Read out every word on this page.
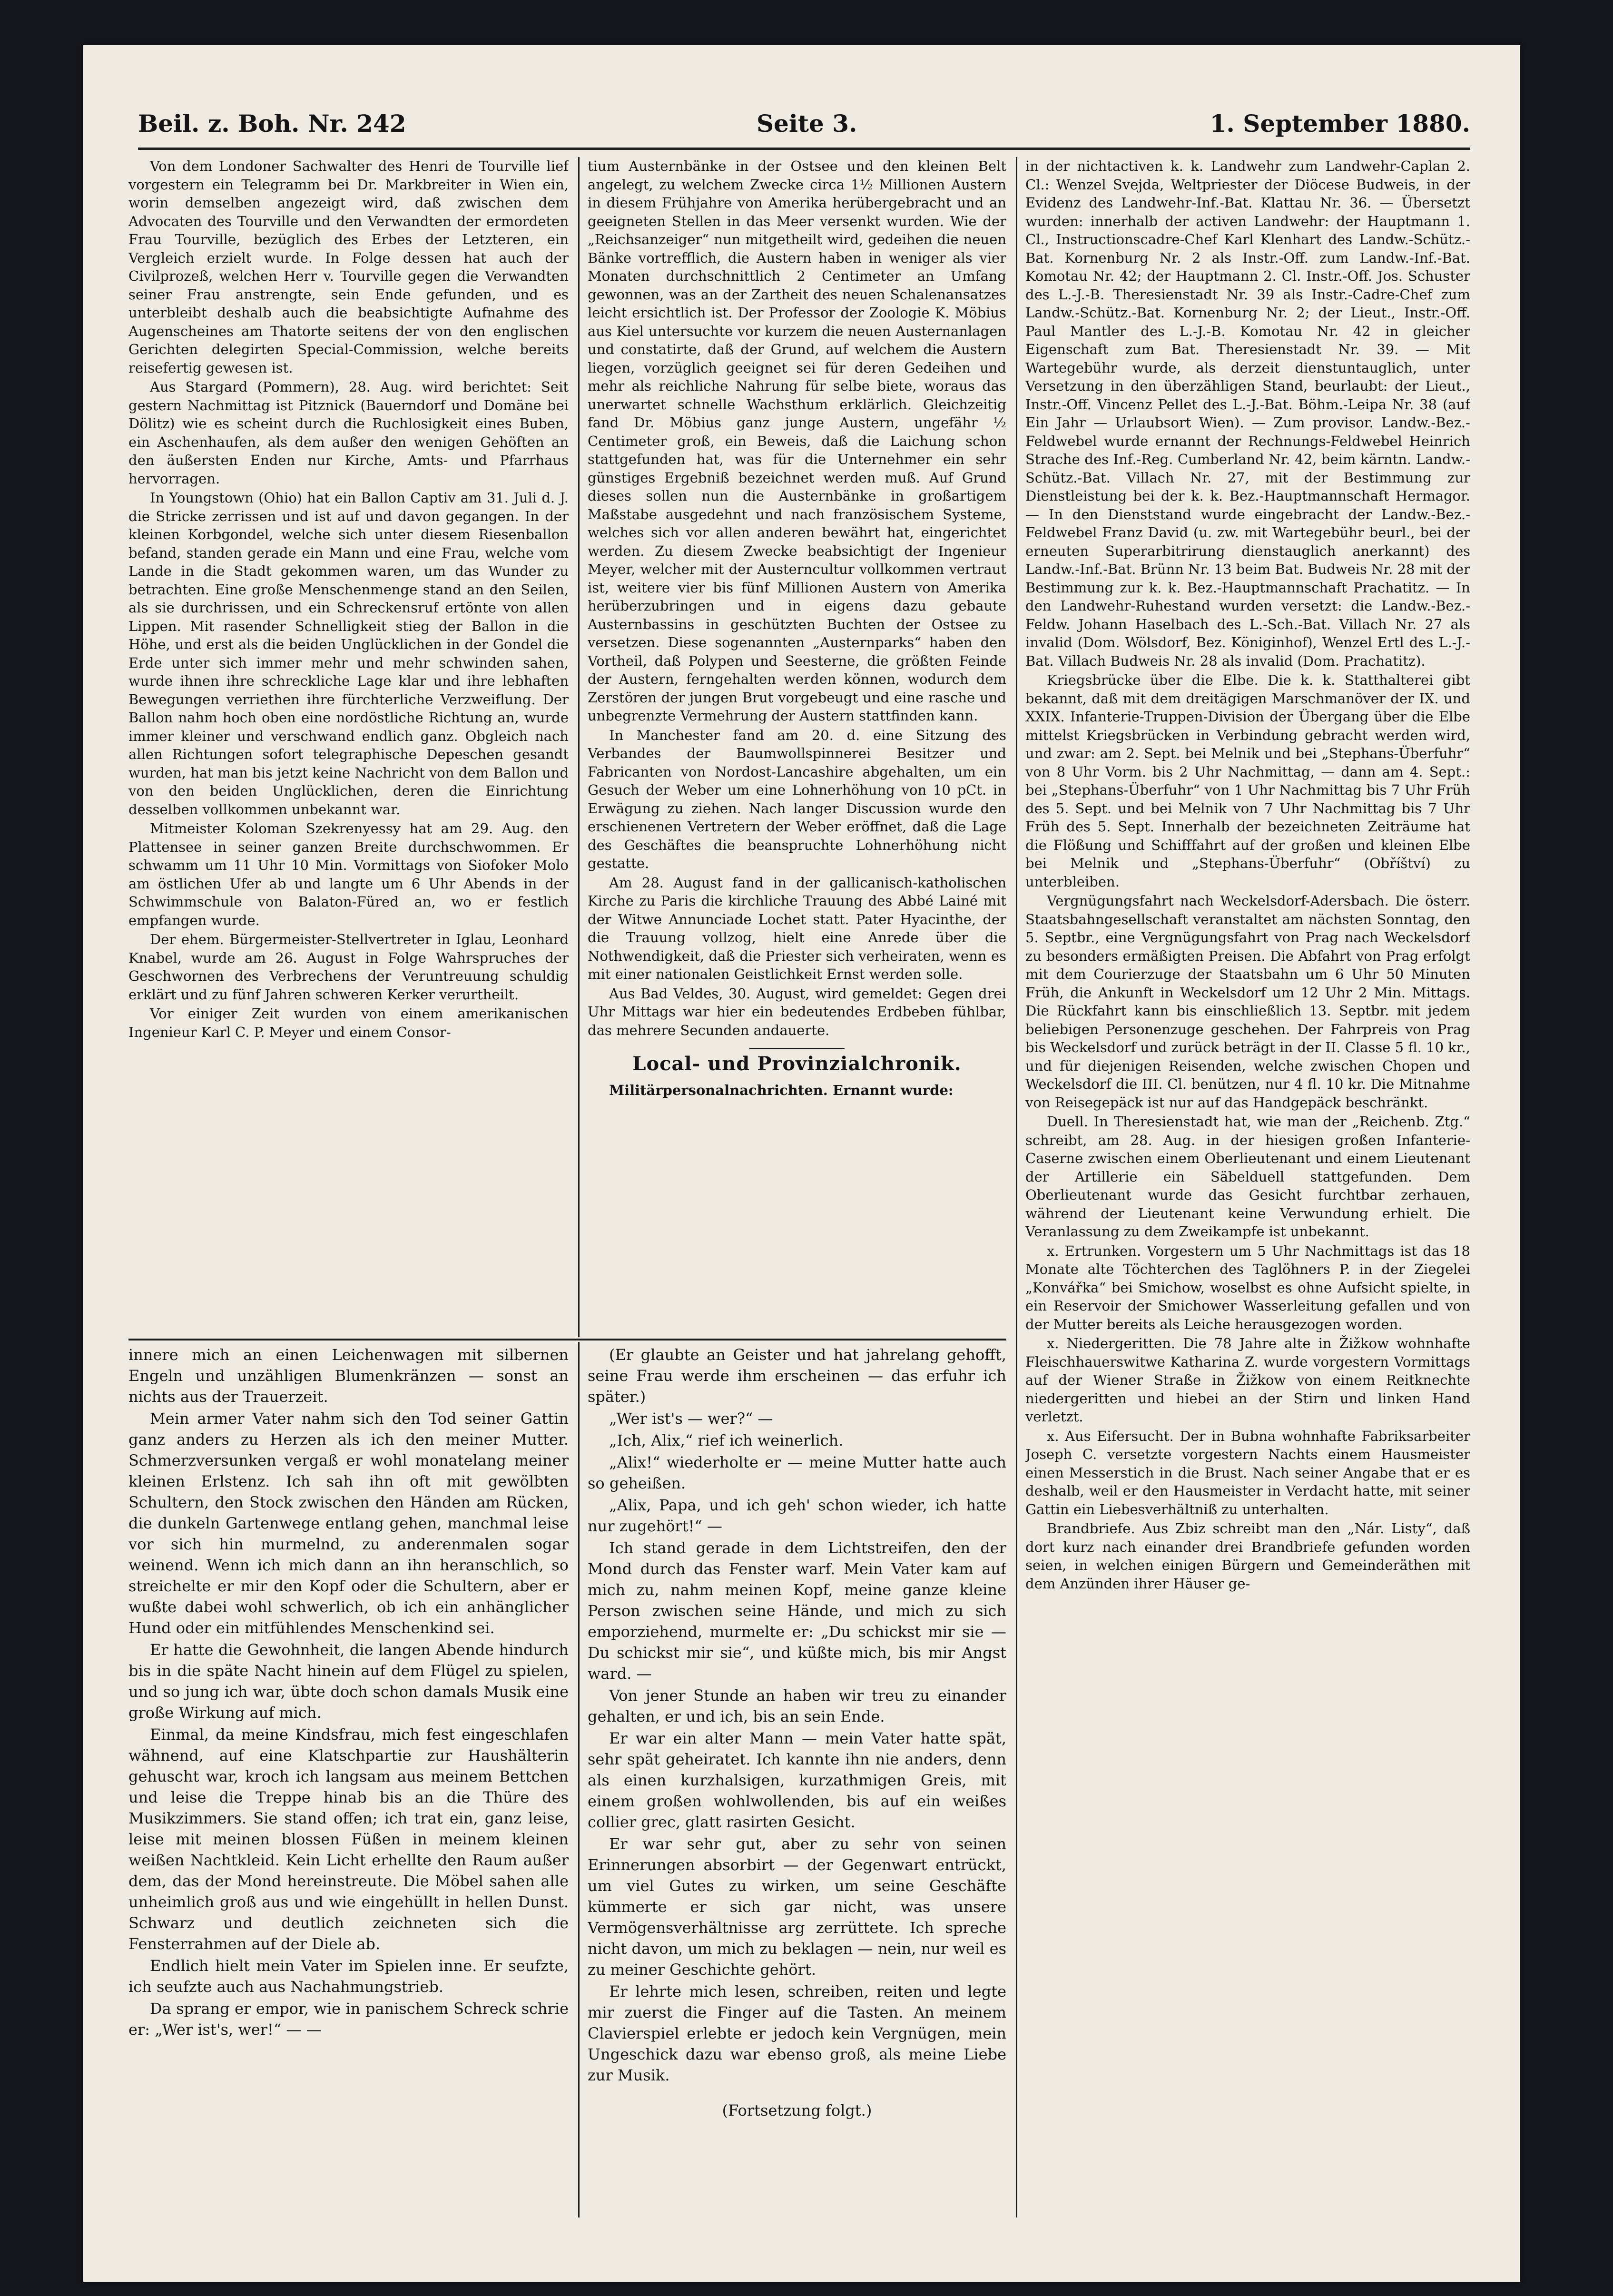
Beil. z. Boh. Nr. 242	Seite 3.	1. September 1880.

Von dem Londoner Sachwalter des Henri de Tourville lief vorgestern ein Telegramm bei Dr. Markbreiter in Wien ein, worin demselben angezeigt wird, daß zwischen dem Advocaten des Tourville und den Verwandten der ermordeten Frau Tourville, bezüglich des Erbes der Letzteren, ein Vergleich erzielt wurde. In Folge dessen hat auch der Civilprozeß, welchen Herr v. Tourville gegen die Verwandten seiner Frau anstrengte, sein Ende gefunden, und es unterbleibt deshalb auch die beabsichtigte Aufnahme des Augenscheines am Thatorte seitens der von den englischen Gerichten delegirten Special-Commission, welche bereits reisefertig gewesen ist.

Aus Stargard (Pommern), 28. Aug. wird berichtet: Seit gestern Nachmittag ist Pitznick (Bauerndorf und Domäne bei Dölitz) wie es scheint durch die Ruchlosigkeit eines Buben, ein Aschenhaufen, als dem außer den wenigen Gehöften an den äußersten Enden nur Kirche, Amts- und Pfarrhaus hervorragen.

In Youngstown (Ohio) hat ein Ballon Captiv am 31. Juli d. J. die Stricke zerrissen und ist auf und davon gegangen. In der kleinen Korbgondel, welche sich unter diesem Riesenballon befand, standen gerade ein Mann und eine Frau, welche vom Lande in die Stadt gekommen waren, um das Wunder zu betrachten. Eine große Menschenmenge stand an den Seilen, als sie durchrissen, und ein Schreckensruf ertönte von allen Lippen. Mit rasender Schnelligkeit stieg der Ballon in die Höhe, und erst als die beiden Unglücklichen in der Gondel die Erde unter sich immer mehr und mehr schwinden sahen, wurde ihnen ihre schreckliche Lage klar und ihre lebhaften Bewegungen verriethen ihre fürchterliche Verzweiflung. Der Ballon nahm hoch oben eine nordöstliche Richtung an, wurde immer kleiner und verschwand endlich ganz. Obgleich nach allen Richtungen sofort telegraphische Depeschen gesandt wurden, hat man bis jetzt keine Nachricht von dem Ballon und von den beiden Unglücklichen, deren die Einrichtung desselben vollkommen unbekannt war.

Mitmeister Koloman Szekrenyessy hat am 29. Aug. den Plattensee in seiner ganzen Breite durchschwommen. Er schwamm um 11 Uhr 10 Min. Vormittags von Siofoker Molo am östlichen Ufer ab und langte um 6 Uhr Abends in der Schwimmschule von Balaton-Füred an, wo er festlich empfangen wurde.

Der ehem. Bürgermeister-Stellvertreter in Iglau, Leonhard Knabel, wurde am 26. August in Folge Wahrspruches der Geschwornen des Verbrechens der Veruntreuung schuldig erklärt und zu fünf Jahren schweren Kerker verurtheilt.

Vor einiger Zeit wurden von einem amerikanischen Ingenieur Karl C. P. Meyer und einem Consor-

tium Austernbänke in der Ostsee und den kleinen Belt angelegt, zu welchem Zwecke circa 1½ Millionen Austern in diesem Frühjahre von Amerika herübergebracht und an geeigneten Stellen in das Meer versenkt wurden. Wie der „Reichsanzeiger“ nun mitgetheilt wird, gedeihen die neuen Bänke vortrefflich, die Austern haben in weniger als vier Monaten durchschnittlich 2 Centimeter an Umfang gewonnen, was an der Zartheit des neuen Schalenansatzes leicht ersichtlich ist. Der Professor der Zoologie K. Möbius aus Kiel untersuchte vor kurzem die neuen Austernanlagen und constatirte, daß der Grund, auf welchem die Austern liegen, vorzüglich geeignet sei für deren Gedeihen und mehr als reichliche Nahrung für selbe biete, woraus das unerwartet schnelle Wachsthum erklärlich. Gleichzeitig fand Dr. Möbius ganz junge Austern, ungefähr ½ Centimeter groß, ein Beweis, daß die Laichung schon stattgefunden hat, was für die Unternehmer ein sehr günstiges Ergebniß bezeichnet werden muß. Auf Grund dieses sollen nun die Austernbänke in großartigem Maßstabe ausgedehnt und nach französischem Systeme, welches sich vor allen anderen bewährt hat, eingerichtet werden. Zu diesem Zwecke beabsichtigt der Ingenieur Meyer, welcher mit der Austerncultur vollkommen vertraut ist, weitere vier bis fünf Millionen Austern von Amerika herüberzubringen und in eigens dazu gebaute Austernbassins in geschützten Buchten der Ostsee zu versetzen. Diese sogenannten „Austernparks“ haben den Vortheil, daß Polypen und Seesterne, die größten Feinde der Austern, ferngehalten werden können, wodurch dem Zerstören der jungen Brut vorgebeugt und eine rasche und unbegrenzte Vermehrung der Austern stattfinden kann.

In Manchester fand am 20. d. eine Sitzung des Verbandes der Baumwollspinnerei Besitzer und Fabricanten von Nordost-Lancashire abgehalten, um ein Gesuch der Weber um eine Lohnerhöhung von 10 pCt. in Erwägung zu ziehen. Nach langer Discussion wurde den erschienenen Vertretern der Weber eröffnet, daß die Lage des Geschäftes die beanspruchte Lohnerhöhung nicht gestatte.

Am 28. August fand in der gallicanisch-katholischen Kirche zu Paris die kirchliche Trauung des Abbé Lainé mit der Witwe Annunciade Lochet statt. Pater Hyacinthe, der die Trauung vollzog, hielt eine Anrede über die Nothwendigkeit, daß die Priester sich verheiraten, wenn es mit einer nationalen Geistlichkeit Ernst werden solle.

Aus Bad Veldes, 30. August, wird gemeldet: Gegen drei Uhr Mittags war hier ein bedeutendes Erdbeben fühlbar, das mehrere Secunden andauerte.

Local- und Provinzialchronik.

Militärpersonalnachrichten. Ernannt wurde:

innere mich an einen Leichenwagen mit silbernen Engeln und unzähligen Blumenkränzen — sonst an nichts aus der Trauerzeit.

Mein armer Vater nahm sich den Tod seiner Gattin ganz anders zu Herzen als ich den meiner Mutter. Schmerzversunken vergaß er wohl monatelang meiner kleinen Erlstenz. Ich sah ihn oft mit gewölbten Schultern, den Stock zwischen den Händen am Rücken, die dunkeln Gartenwege entlang gehen, manchmal leise vor sich hin murmelnd, zu anderenmalen sogar weinend. Wenn ich mich dann an ihn heranschlich, so streichelte er mir den Kopf oder die Schultern, aber er wußte dabei wohl schwerlich, ob ich ein anhänglicher Hund oder ein mitfühlendes Menschenkind sei.

Er hatte die Gewohnheit, die langen Abende hindurch bis in die späte Nacht hinein auf dem Flügel zu spielen, und so jung ich war, übte doch schon damals Musik eine große Wirkung auf mich.

Einmal, da meine Kindsfrau, mich fest eingeschlafen wähnend, auf eine Klatschpartie zur Haushälterin gehuscht war, kroch ich langsam aus meinem Bettchen und leise die Treppe hinab bis an die Thüre des Musikzimmers. Sie stand offen; ich trat ein, ganz leise, leise mit meinen blossen Füßen in meinem kleinen weißen Nachtkleid. Kein Licht erhellte den Raum außer dem, das der Mond hereinstreute. Die Möbel sahen alle unheimlich groß aus und wie eingehüllt in hellen Dunst. Schwarz und deutlich zeichneten sich die Fensterrahmen auf der Diele ab.

Endlich hielt mein Vater im Spielen inne. Er seufzte, ich seufzte auch aus Nachahmungstrieb.

Da sprang er empor, wie in panischem Schreck schrie er: „Wer ist's, wer!“ — —

(Er glaubte an Geister und hat jahrelang gehofft, seine Frau werde ihm erscheinen — das erfuhr ich später.)

„Wer ist's — wer?“ —

„Ich, Alix,“ rief ich weinerlich.

„Alix!“ wiederholte er — meine Mutter hatte auch so geheißen.

„Alix, Papa, und ich geh' schon wieder, ich hatte nur zugehört!“ —

Ich stand gerade in dem Lichtstreifen, den der Mond durch das Fenster warf. Mein Vater kam auf mich zu, nahm meinen Kopf, meine ganze kleine Person zwischen seine Hände, und mich zu sich emporziehend, murmelte er: „Du schickst mir sie — Du schickst mir sie“, und küßte mich, bis mir Angst ward. —

Von jener Stunde an haben wir treu zu einander gehalten, er und ich, bis an sein Ende.

Er war ein alter Mann — mein Vater hatte spät, sehr spät geheiratet. Ich kannte ihn nie anders, denn als einen kurzhalsigen, kurzathmigen Greis, mit einem großen wohlwollenden, bis auf ein weißes collier grec, glatt rasirten Gesicht.

Er war sehr gut, aber zu sehr von seinen Erinnerungen absorbirt — der Gegenwart entrückt, um viel Gutes zu wirken, um seine Geschäfte kümmerte er sich gar nicht, was unsere Vermögensverhältnisse arg zerrüttete. Ich spreche nicht davon, um mich zu beklagen — nein, nur weil es zu meiner Geschichte gehört.

Er lehrte mich lesen, schreiben, reiten und legte mir zuerst die Finger auf die Tasten. An meinem Clavierspiel erlebte er jedoch kein Vergnügen, mein Ungeschick dazu war ebenso groß, als meine Liebe zur Musik.

(Fortsetzung folgt.)

in der nichtactiven k. k. Landwehr zum Landwehr-Caplan 2. Cl.: Wenzel Svejda, Weltpriester der Diöcese Budweis, in der Evidenz des Landwehr-Inf.-Bat. Klattau Nr. 36. — Übersetzt wurden: innerhalb der activen Landwehr: der Hauptmann 1. Cl., Instructionscadre-Chef Karl Klenhart des Landw.-Schütz.-Bat. Kornenburg Nr. 2 als Instr.-Off. zum Landw.-Inf.-Bat. Komotau Nr. 42; der Hauptmann 2. Cl. Instr.-Off. Jos. Schuster des L.-J.-B. Theresienstadt Nr. 39 als Instr.-Cadre-Chef zum Landw.-Schütz.-Bat. Kornenburg Nr. 2; der Lieut., Instr.-Off. Paul Mantler des L.-J.-B. Komotau Nr. 42 in gleicher Eigenschaft zum Bat. Theresienstadt Nr. 39. — Mit Wartegebühr wurde, als derzeit dienstuntauglich, unter Versetzung in den überzähligen Stand, beurlaubt: der Lieut., Instr.-Off. Vincenz Pellet des L.-J.-Bat. Böhm.-Leipa Nr. 38 (auf Ein Jahr — Urlaubsort Wien). — Zum provisor. Landw.-Bez.-Feldwebel wurde ernannt der Rechnungs-Feldwebel Heinrich Strache des Inf.-Reg. Cumberland Nr. 42, beim kärntn. Landw.-Schütz.-Bat. Villach Nr. 27, mit der Bestimmung zur Dienstleistung bei der k. k. Bez.-Hauptmannschaft Hermagor. — In den Dienststand wurde eingebracht der Landw.-Bez.-Feldwebel Franz David (u. zw. mit Wartegebühr beurl., bei der erneuten Superarbitrirung dienstauglich anerkannt) des Landw.-Inf.-Bat. Brünn Nr. 13 beim Bat. Budweis Nr. 28 mit der Bestimmung zur k. k. Bez.-Hauptmannschaft Prachatitz. — In den Landwehr-Ruhestand wurden versetzt: die Landw.-Bez.-Feldw. Johann Haselbach des L.-Sch.-Bat. Villach Nr. 27 als invalid (Dom. Wölsdorf, Bez. Königinhof), Wenzel Ertl des L.-J.-Bat. Villach Budweis Nr. 28 als invalid (Dom. Prachatitz).

Kriegsbrücke über die Elbe. Die k. k. Statthalterei gibt bekannt, daß mit dem dreitägigen Marschmanöver der IX. und XXIX. Infanterie-Truppen-Division der Übergang über die Elbe mittelst Kriegsbrücken in Verbindung gebracht werden wird, und zwar: am 2. Sept. bei Melnik und bei „Stephans-Überfuhr“ von 8 Uhr Vorm. bis 2 Uhr Nachmittag, — dann am 4. Sept.: bei „Stephans-Überfuhr“ von 1 Uhr Nachmittag bis 7 Uhr Früh des 5. Sept. und bei Melnik von 7 Uhr Nachmittag bis 7 Uhr Früh des 5. Sept. Innerhalb der bezeichneten Zeiträume hat die Flößung und Schifffahrt auf der großen und kleinen Elbe bei Melnik und „Stephans-Überfuhr“ (Obříštví) zu unterbleiben.

Vergnügungsfahrt nach Weckelsdorf-Adersbach. Die österr. Staatsbahngesellschaft veranstaltet am nächsten Sonntag, den 5. Septbr., eine Vergnügungsfahrt von Prag nach Weckelsdorf zu besonders ermäßigten Preisen. Die Abfahrt von Prag erfolgt mit dem Courierzuge der Staatsbahn um 6 Uhr 50 Minuten Früh, die Ankunft in Weckelsdorf um 12 Uhr 2 Min. Mittags. Die Rückfahrt kann bis einschließlich 13. Septbr. mit jedem beliebigen Personenzuge geschehen. Der Fahrpreis von Prag bis Weckelsdorf und zurück beträgt in der II. Classe 5 fl. 10 kr., und für diejenigen Reisenden, welche zwischen Chopen und Weckelsdorf die III. Cl. benützen, nur 4 fl. 10 kr. Die Mitnahme von Reisegepäck ist nur auf das Handgepäck beschränkt.

Duell. In Theresienstadt hat, wie man der „Reichenb. Ztg.“ schreibt, am 28. Aug. in der hiesigen großen Infanterie-Caserne zwischen einem Oberlieutenant und einem Lieutenant der Artillerie ein Säbelduell stattgefunden. Dem Oberlieutenant wurde das Gesicht furchtbar zerhauen, während der Lieutenant keine Verwundung erhielt. Die Veranlassung zu dem Zweikampfe ist unbekannt.

x. Ertrunken. Vorgestern um 5 Uhr Nachmittags ist das 18 Monate alte Töchterchen des Taglöhners P. in der Ziegelei „Konvářka“ bei Smichow, woselbst es ohne Aufsicht spielte, in ein Reservoir der Smichower Wasserleitung gefallen und von der Mutter bereits als Leiche herausgezogen worden.

x. Niedergeritten. Die 78 Jahre alte in Žižkow wohnhafte Fleischhauerswitwe Katharina Z. wurde vorgestern Vormittags auf der Wiener Straße in Žižkow von einem Reitknechte niedergeritten und hiebei an der Stirn und linken Hand verletzt.

x. Aus Eifersucht. Der in Bubna wohnhafte Fabriksarbeiter Joseph C. versetzte vorgestern Nachts einem Hausmeister einen Messerstich in die Brust. Nach seiner Angabe that er es deshalb, weil er den Hausmeister in Verdacht hatte, mit seiner Gattin ein Liebesverhältniß zu unterhalten.

Brandbriefe. Aus Zbiz schreibt man den „Nár. Listy“, daß dort kurz nach einander drei Brandbriefe gefunden worden seien, in welchen einigen Bürgern und Gemeinderäthen mit dem Anzünden ihrer Häuser ge-
